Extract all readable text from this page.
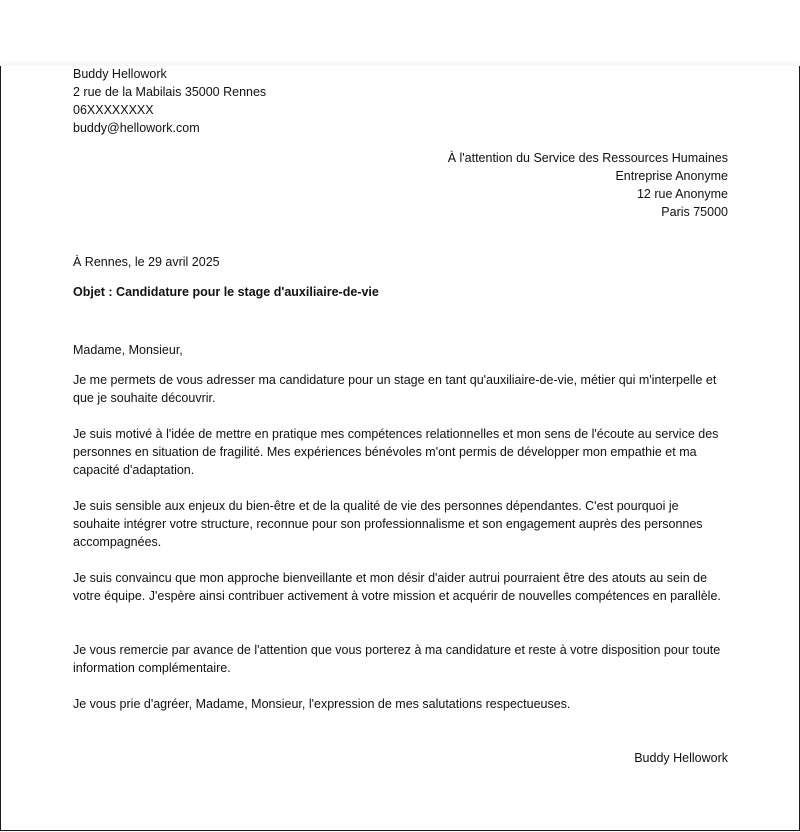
Buddy Hellowork
2 rue de la Mabilais 35000 Rennes
06XXXXXXXX
buddy@hellowork.com
À l'attention du Service des Ressources Humaines
Entreprise Anonyme
12 rue Anonyme
Paris 75000
À Rennes, le 29 avril 2025
Objet : Candidature pour le stage d'auxiliaire-de-vie
Madame, Monsieur,

Je me permets de vous adresser ma candidature pour un stage en tant qu'auxiliaire-de-vie, métier qui m'interpelle et que je souhaite découvrir.

Je suis motivé à l'idée de mettre en pratique mes compétences relationnelles et mon sens de l'écoute au service des personnes en situation de fragilité. Mes expériences bénévoles m'ont permis de développer mon empathie et ma capacité d'adaptation.

Je suis sensible aux enjeux du bien-être et de la qualité de vie des personnes dépendantes. C'est pourquoi je souhaite intégrer votre structure, reconnue pour son professionnalisme et son engagement auprès des personnes accompagnées.

Je suis convaincu que mon approche bienveillante et mon désir d'aider autrui pourraient être des atouts au sein de votre équipe. J'espère ainsi contribuer activement à votre mission et acquérir de nouvelles compétences en parallèle.

Je vous remercie par avance de l'attention que vous porterez à ma candidature et reste à votre disposition pour toute information complémentaire.

Je vous prie d'agréer, Madame, Monsieur, l'expression de mes salutations respectueuses.

Buddy Hellowork
